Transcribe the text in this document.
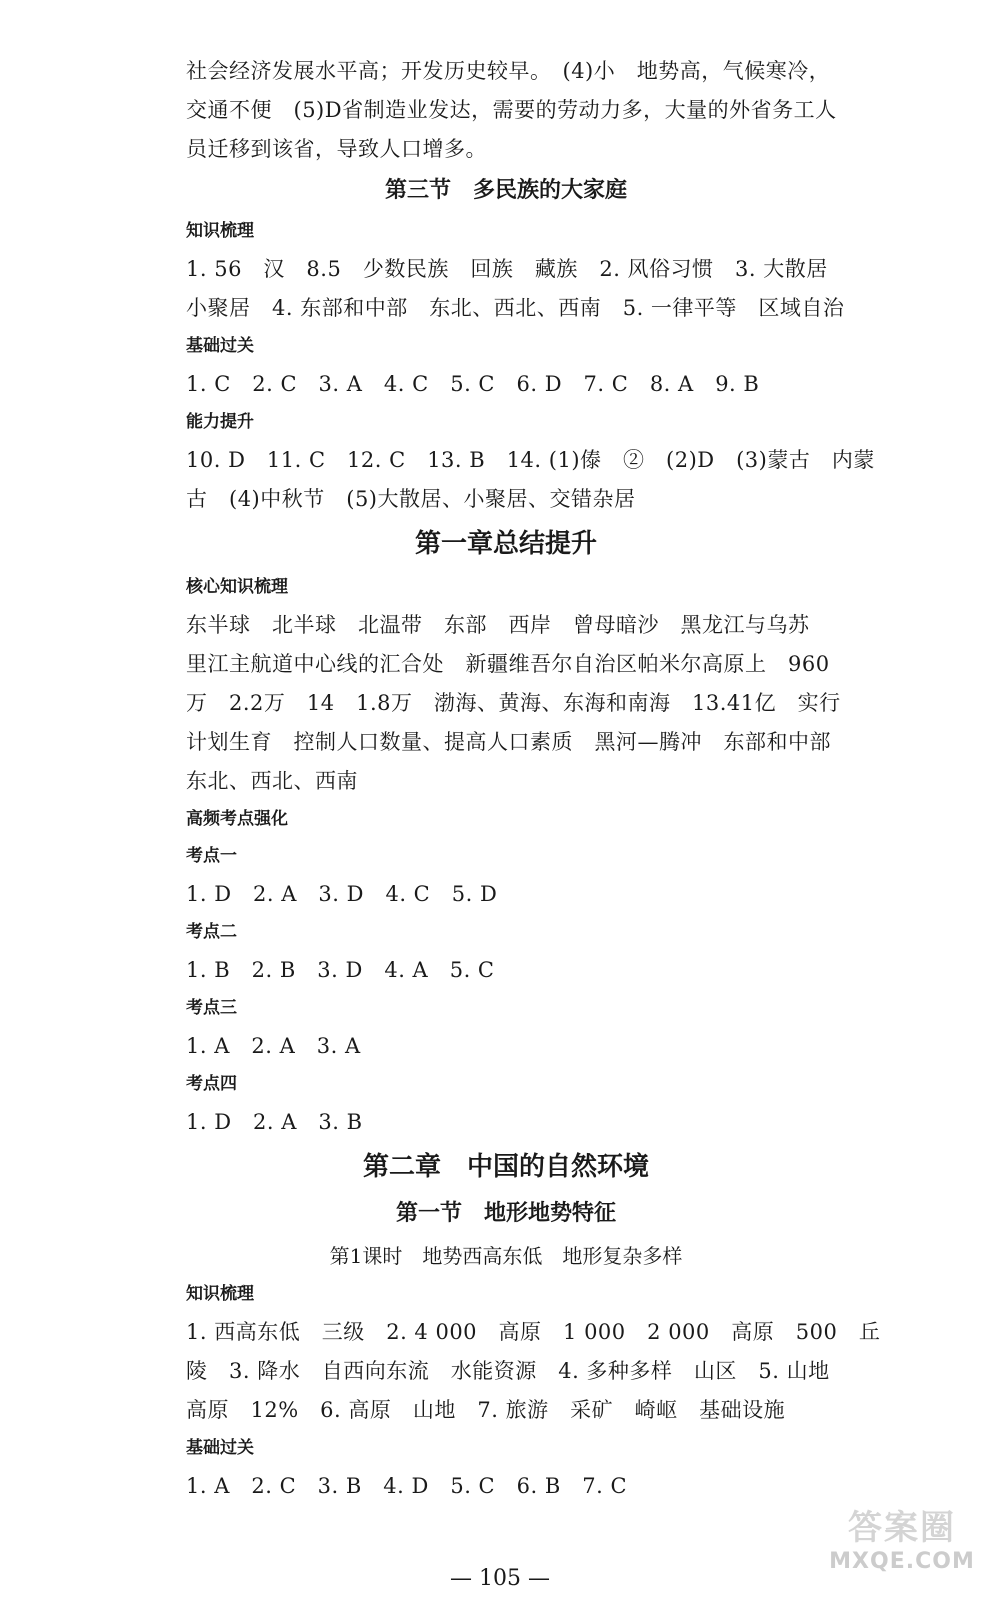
社会经济发展水平高；开发历史较早。　(4)小　地势高，气候寒冷，
交通不便　(5)D省制造业发达，需要的劳动力多，大量的外省务工人
员迁移到该省，导致人口增多。
第三节　多民族的大家庭
知识梳理
1. 56　汉　8.5　少数民族　回族　藏族　2. 风俗习惯　3. 大散居
小聚居　4. 东部和中部　东北、西北、西南　5. 一律平等　区域自治
基础过关
1. C　2. C　3. A　4. C　5. C　6. D　7. C　8. A　9. B
能力提升
10. D　11. C　12. C　13. B　14. (1)傣　②　(2)D　(3)蒙古　内蒙
古　(4)中秋节　(5)大散居、小聚居、交错杂居
第一章总结提升
核心知识梳理
东半球　北半球　北温带　东部　西岸　曾母暗沙　黑龙江与乌苏
里江主航道中心线的汇合处　新疆维吾尔自治区帕米尔高原上　960
万　2.2万　14　1.8万　渤海、黄海、东海和南海　13.41亿　实行
计划生育　控制人口数量、提高人口素质　黑河—腾冲　东部和中部
东北、西北、西南
高频考点强化
考点一
1. D　2. A　3. D　4. C　5. D
考点二
1. B　2. B　3. D　4. A　5. C
考点三
1. A　2. A　3. A
考点四
1. D　2. A　3. B
第二章　中国的自然环境
第一节　地形地势特征
第1课时　地势西高东低　地形复杂多样
知识梳理
1. 西高东低　三级　2. 4 000　高原　1 000　2 000　高原　500　丘
陵　3. 降水　自西向东流　水能资源　4. 多种多样　山区　5. 山地
高原　12%　6. 高原　山地　7. 旅游　采矿　崎岖　基础设施
基础过关
1. A　2. C　3. B　4. D　5. C　6. B　7. C
— 105 —
答案圈
MXQE.COM
